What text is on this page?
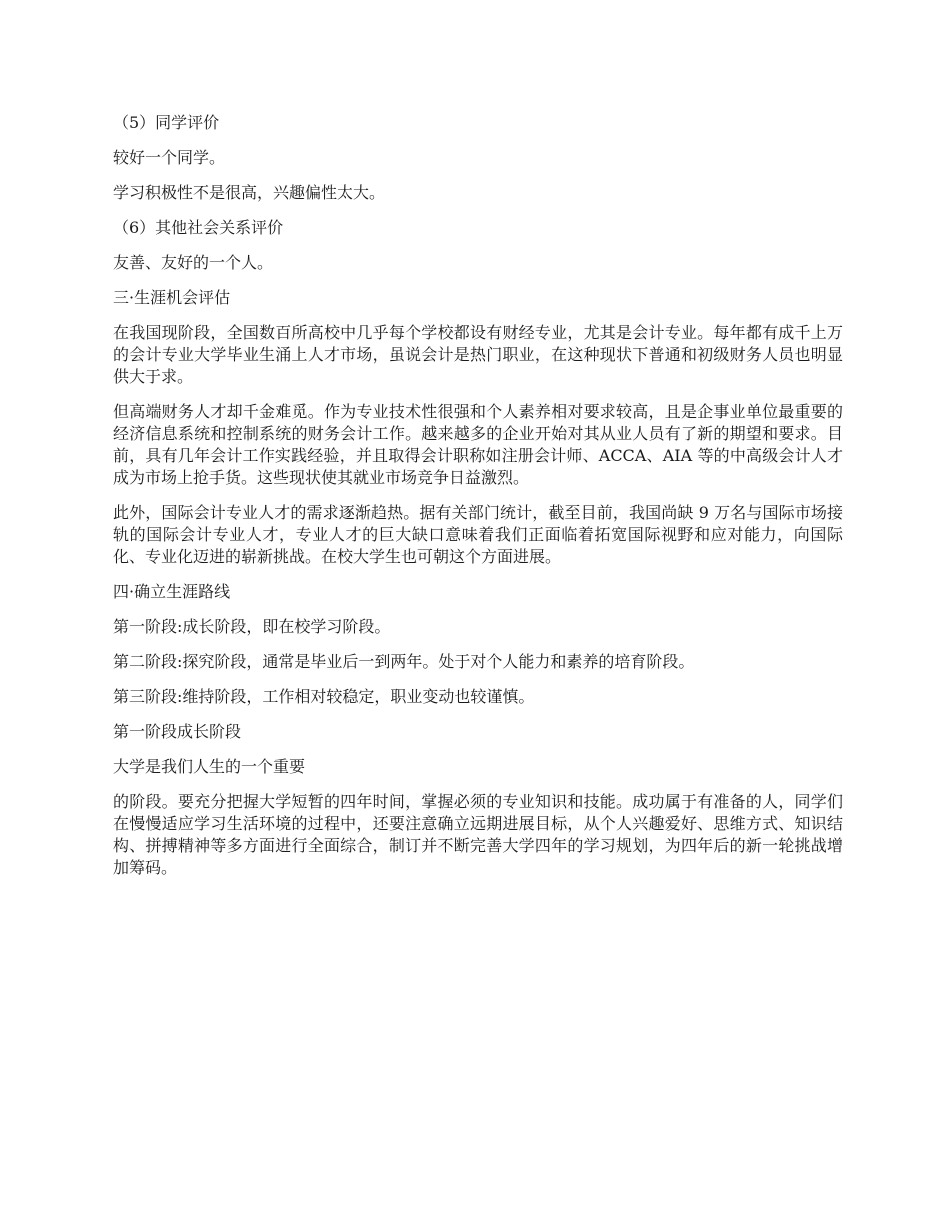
（5）同学评价

较好一个同学。

学习积极性不是很高，兴趣偏性太大。

（6）其他社会关系评价

友善、友好的一个人。

三·生涯机会评估

在我国现阶段，全国数百所高校中几乎每个学校都设有财经专业，尤其是会计专业。每年都有成千上万的会计专业大学毕业生涌上人才市场，虽说会计是热门职业，在这种现状下普通和初级财务人员也明显供大于求。

但高端财务人才却千金难觅。作为专业技术性很强和个人素养相对要求较高，且是企事业单位最重要的经济信息系统和控制系统的财务会计工作。越来越多的企业开始对其从业人员有了新的期望和要求。目前，具有几年会计工作实践经验，并且取得会计职称如注册会计师、ACCA、AIA 等的中高级会计人才成为市场上抢手货。这些现状使其就业市场竞争日益激烈。

此外，国际会计专业人才的需求逐渐趋热。据有关部门统计，截至目前，我国尚缺 9 万名与国际市场接轨的国际会计专业人才，专业人才的巨大缺口意味着我们正面临着拓宽国际视野和应对能力，向国际化、专业化迈进的崭新挑战。在校大学生也可朝这个方面进展。

四·确立生涯路线

第一阶段:成长阶段，即在校学习阶段。

第二阶段:探究阶段，通常是毕业后一到两年。处于对个人能力和素养的培育阶段。

第三阶段:维持阶段，工作相对较稳定，职业变动也较谨慎。

第一阶段成长阶段

大学是我们人生的一个重要

的阶段。要充分把握大学短暂的四年时间，掌握必须的专业知识和技能。成功属于有准备的人，同学们在慢慢适应学习生活环境的过程中，还要注意确立远期进展目标，从个人兴趣爱好、思维方式、知识结构、拼搏精神等多方面进行全面综合，制订并不断完善大学四年的学习规划，为四年后的新一轮挑战增加筹码。
